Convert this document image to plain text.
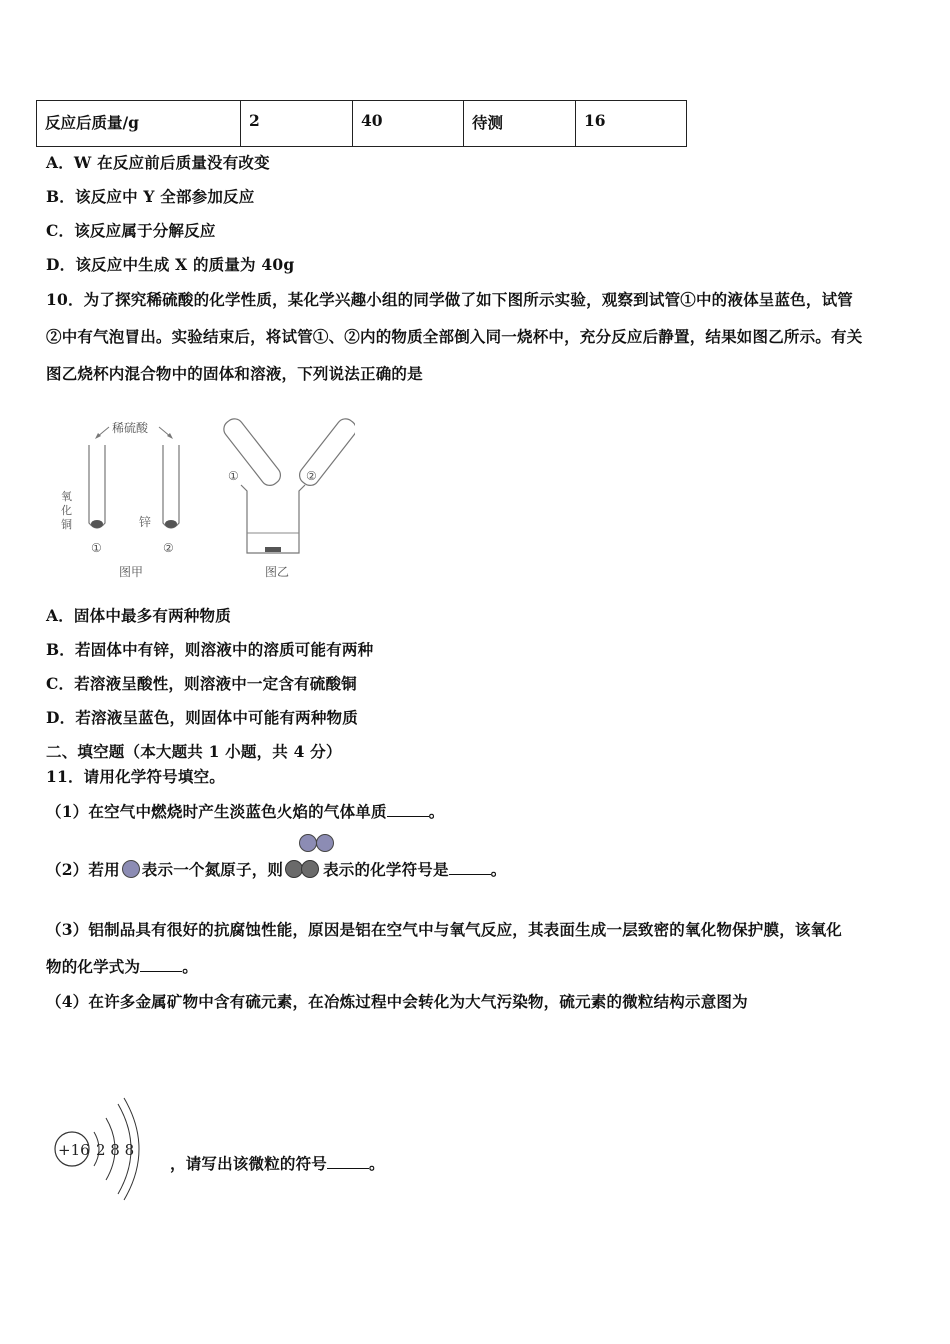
反应后质量/g	2	40	待测	16
A．W 在反应前后质量没有改变
B．该反应中 Y 全部参加反应
C．该反应属于分解反应
D．该反应中生成 X 的质量为 40g
10．为了探究稀硫酸的化学性质，某化学兴趣小组的同学做了如下图所示实验，观察到试管①中的液体呈蓝色，试管
②中有气泡冒出。实验结束后，将试管①、②内的物质全部倒入同一烧杯中，充分反应后静置，结果如图乙所示。有关
图乙烧杯内混合物中的固体和溶液，下列说法正确的是
稀硫酸
氧
化
铜
①
锌
②
图甲
①	②
图乙
A．固体中最多有两种物质
B．若固体中有锌，则溶液中的溶质可能有两种
C．若溶液呈酸性，则溶液中一定含有硫酸铜
D．若溶液呈蓝色，则固体中可能有两种物质
二、填空题（本大题共 1 小题，共 4 分）
11．请用化学符号填空。
（1）在空气中燃烧时产生淡蓝色火焰的气体单质	。
（2）若用 表示一个氮原子，则	表示的化学符号是	。
（3）铝制品具有很好的抗腐蚀性能，原因是铝在空气中与氧气反应，其表面生成一层致密的氧化物保护膜，该氧化
物的化学式为	。
（4）在许多金属矿物中含有硫元素，在冶炼过程中会转化为大气污染物，硫元素的微粒结构示意图为
+16 2 8 8
，请写出该微粒的符号	。
